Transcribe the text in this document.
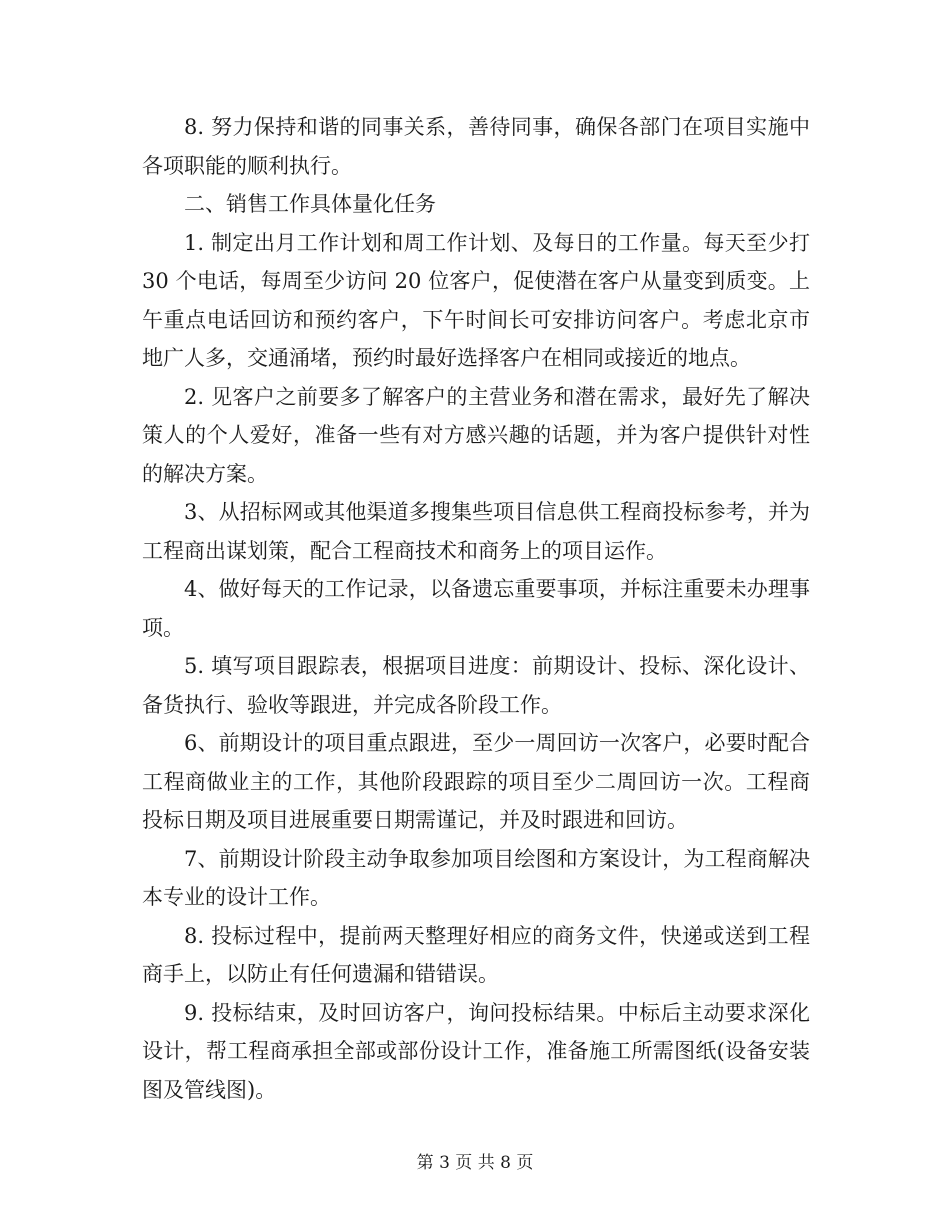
8. 努力保持和谐的同事关系，善待同事，确保各部门在项目实施中各项职能的顺利执行。

二、销售工作具体量化任务

1. 制定出月工作计划和周工作计划、及每日的工作量。每天至少打 30 个电话，每周至少访问 20 位客户，促使潜在客户从量变到质变。上午重点电话回访和预约客户，下午时间长可安排访问客户。考虑北京市地广人多，交通涌堵，预约时最好选择客户在相同或接近的地点。

2. 见客户之前要多了解客户的主营业务和潜在需求，最好先了解决策人的个人爱好，准备一些有对方感兴趣的话题，并为客户提供针对性的解决方案。

3、从招标网或其他渠道多搜集些项目信息供工程商投标参考，并为工程商出谋划策，配合工程商技术和商务上的项目运作。

4、做好每天的工作记录，以备遗忘重要事项，并标注重要未办理事项。

5. 填写项目跟踪表，根据项目进度：前期设计、投标、深化设计、备货执行、验收等跟进，并完成各阶段工作。

6、前期设计的项目重点跟进，至少一周回访一次客户，必要时配合工程商做业主的工作，其他阶段跟踪的项目至少二周回访一次。工程商投标日期及项目进展重要日期需谨记，并及时跟进和回访。

7、前期设计阶段主动争取参加项目绘图和方案设计，为工程商解决本专业的设计工作。

8. 投标过程中，提前两天整理好相应的商务文件，快递或送到工程商手上，以防止有任何遗漏和错错误。

9. 投标结束，及时回访客户，询问投标结果。中标后主动要求深化设计，帮工程商承担全部或部份设计工作，准备施工所需图纸(设备安装图及管线图)。

第 3 页 共 8 页
